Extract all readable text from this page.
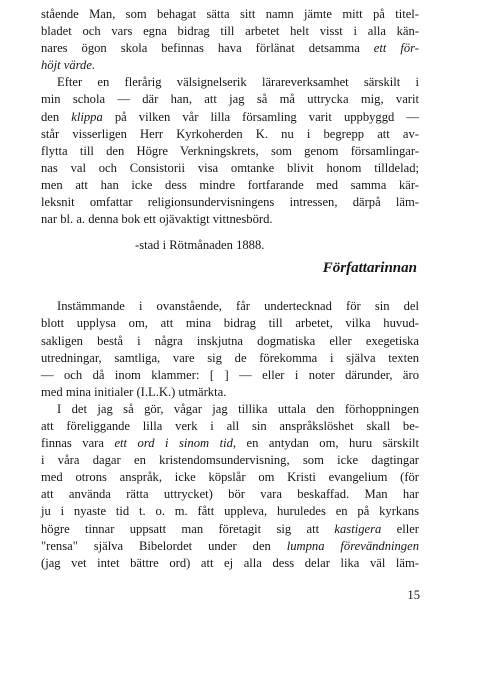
stående Man, som behagat sätta sitt namn jämte mitt på titel-
bladet och vars egna bidrag till arbetet helt visst i alla kän-
nares ögon skola befinnas hava förlänat detsamma ett för-
höjt värde.
Efter en flerårig välsignelserik lärareverksamhet särskilt i
min schola — där han, att jag så må uttrycka mig, varit
den klippa på vilken vår lilla församling varit uppbyggd —
står visserligen Herr Kyrkoherden K. nu i begrepp att av-
flytta till den Högre Verkningskrets, som genom församlingar-
nas val och Consistorii visa omtanke blivit honom tilldelad;
men att han icke dess mindre fortfarande med samma kär-
leksnit omfattar religionsundervisningens intressen, därpå läm-
nar bl. a. denna bok ett ojävaktigt vittnesbörd.
-stad i Rötmånaden 1888.
Författarinnan
Instämmande i ovanstående, får undertecknad för sin del
blott upplysa om, att mina bidrag till arbetet, vilka huvud-
sakligen bestå i några inskjutna dogmatiska eller exegetiska
utredningar, samtliga, vare sig de förekomma i själva texten
— och då inom klammer: [ ] — eller i noter därunder, äro
med mina initialer (I.L.K.) utmärkta.
I det jag så gör, vågar jag tillika uttala den förhoppningen
att föreliggande lilla verk i all sin anspråkslöshet skall be-
finnas vara ett ord i sinom tid, en antydan om, huru särskilt
i våra dagar en kristendomsundervisning, som icke dagtingar
med otrons anspråk, icke köpslår om Kristi evangelium (för
att använda rätta uttrycket) bör vara beskaffad. Man har
ju i nyaste tid t. o. m. fått uppleva, huruledes en på kyrkans
högre tinnar uppsatt man företagit sig att kastigera eller
"rensa" själva Bibelordet under den lumpna förevändningen
(jag vet intet bättre ord) att ej alla dess delar lika väl läm-
15
